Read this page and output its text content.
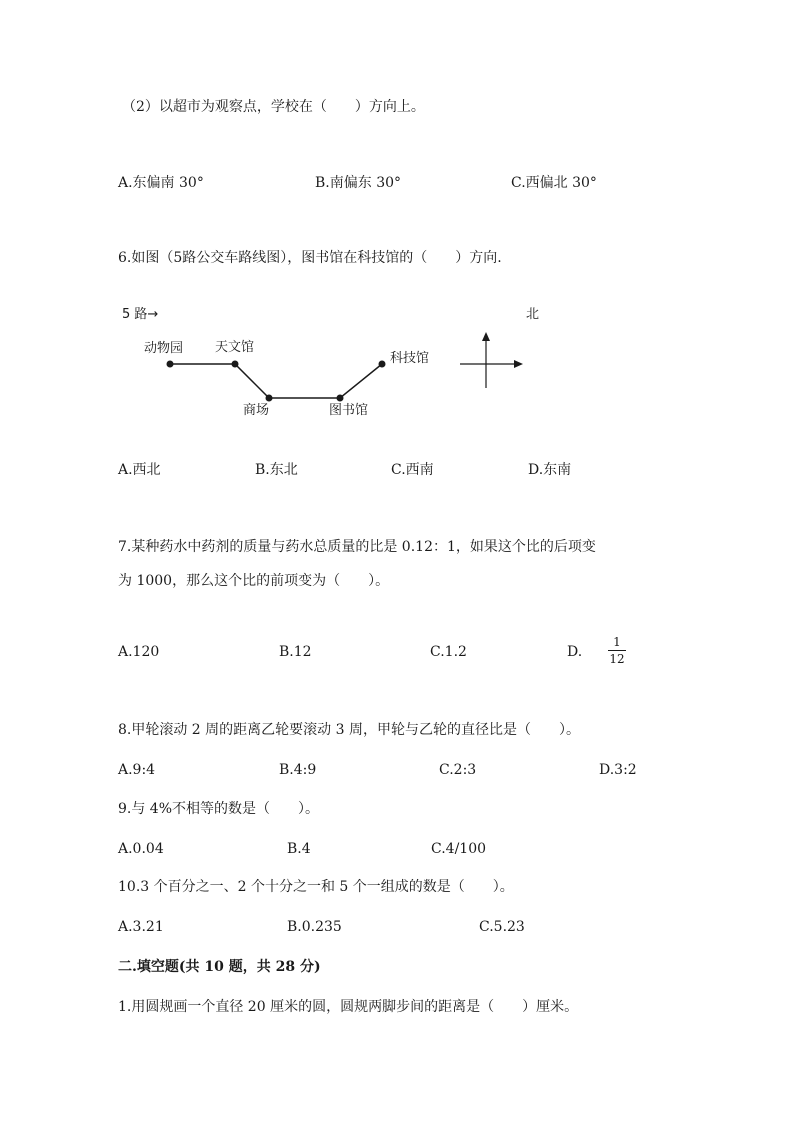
（2）以超市为观察点，学校在（　　）方向上。
A.东偏南 30°	B.南偏东 30°	C.西偏北 30°
6.如图（5路公交车路线图），图书馆在科技馆的（　　）方向.
5 路→	北
动物园 天文馆
商场	图书馆
科技馆
A.西北	B.东北	C.西南	D.东南
7.某种药水中药剂的质量与药水总质量的比是 0.12：1，如果这个比的后项变
为 1000，那么这个比的前项变为（　　）。
A.120	B.12	C.1.2	D.
1
12
8.甲轮滚动 2 周的距离乙轮要滚动 3 周，甲轮与乙轮的直径比是（　　）。
A.9:4	B.4:9	C.2:3	D.3:2
9.与 4%不相等的数是（　　）。
A.0.04	B.4	C.4/100
10.3 个百分之一、2 个十分之一和 5 个一组成的数是（　　）。
A.3.21	B.0.235	C.5.23
二.填空题(共 10 题，共 28 分)
1.用圆规画一个直径 20 厘米的圆，圆规两脚步间的距离是（　　）厘米。
